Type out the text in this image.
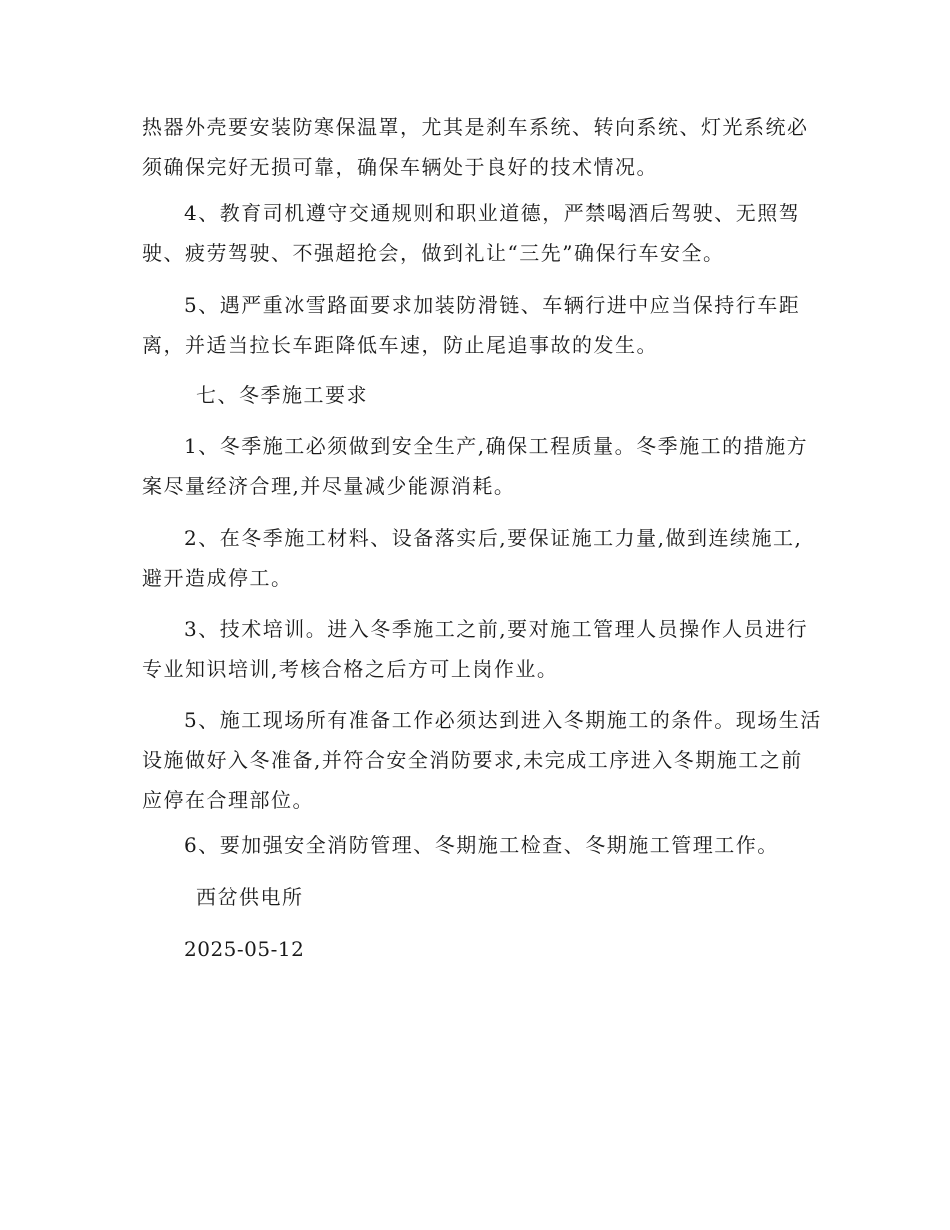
热器外壳要安装防寒保温罩，尤其是刹车系统、转向系统、灯光系统必须确保完好无损可靠，确保车辆处于良好的技术情况。
4、教育司机遵守交通规则和职业道德，严禁喝酒后驾驶、无照驾驶、疲劳驾驶、不强超抢会，做到礼让“三先”确保行车安全。
5、遇严重冰雪路面要求加装防滑链、车辆行进中应当保持行车距离，并适当拉长车距降低车速，防止尾追事故的发生。
七、冬季施工要求
1、冬季施工必须做到安全生产,确保工程质量。冬季施工的措施方案尽量经济合理,并尽量减少能源消耗。
2、在冬季施工材料、设备落实后,要保证施工力量,做到连续施工,避开造成停工。
3、技术培训。进入冬季施工之前,要对施工管理人员操作人员进行专业知识培训,考核合格之后方可上岗作业。
5、施工现场所有准备工作必须达到进入冬期施工的条件。现场生活设施做好入冬准备,并符合安全消防要求,未完成工序进入冬期施工之前应停在合理部位。
6、要加强安全消防管理、冬期施工检查、冬期施工管理工作。
西岔供电所
2025-05-12
